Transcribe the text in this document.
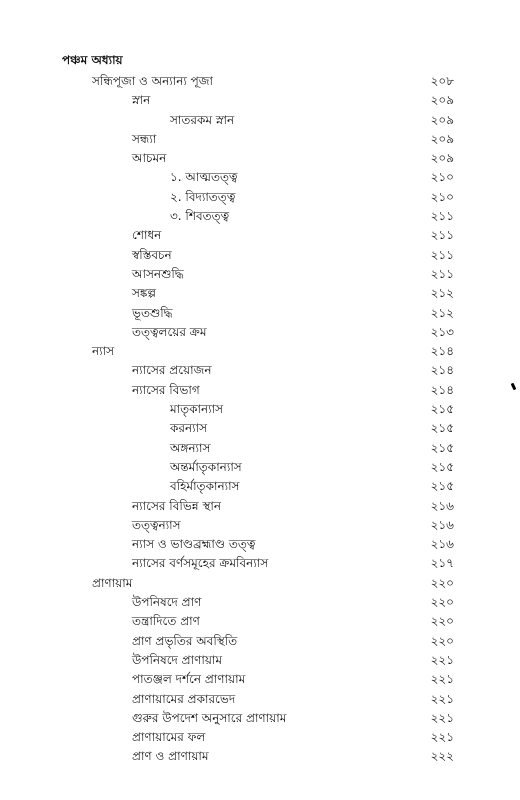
পঞ্চম অধ্যায়
সন্ধিপূজা ও অন্যান্য পূজা	২০৮
স্নান	২০৯
সাতরকম স্নান	২০৯
সন্ধ্যা	২০৯
আচমন	২০৯
১. আত্মতত্ত্ব	২১০
২. বিদ্যাতত্ত্ব	২১০
৩. শিবতত্ত্ব	২১১
শোধন	২১১
স্বস্তিবচন	২১১
আসনশুদ্ধি	২১১
সঙ্কল্প	২১২
ভূতশুদ্ধি	২১২
তত্ত্বলয়ের ক্রম	২১৩
ন্যাস	২১৪
ন্যাসের প্রয়োজন	২১৪
ন্যাসের বিভাগ	২১৪
মাতৃকান্যাস	২১৫
করন্যাস	২১৫
অঙ্গন্যাস	২১৫
অন্তর্মাতৃকান্যাস	২১৫
বহির্মাতৃকান্যাস	২১৫
ন্যাসের বিভিন্ন স্থান	২১৬
তত্ত্বন্যাস	২১৬
ন্যাস ও ভাণ্ডব্রহ্মাণ্ড তত্ত্ব	২১৬
ন্যাসের বর্ণসমূহের ক্রমবিন্যাস	২১৭
প্রাণায়াম	২২০
উপনিষদে প্রাণ	২২০
তন্ত্রাদিতে প্রাণ	২২০
প্রাণ প্রভৃতির অবস্থিতি	২২০
উপনিষদে প্রাণায়াম	২২১
পাতঞ্জল দর্শনে প্রাণায়াম	২২১
প্রাণায়ামের প্রকারভেদ	২২১
গুরুর উপদেশ অনুসারে প্রাণায়াম	২২১
প্রাণায়ামের ফল	২২১
প্রাণ ও প্রাণায়াম	২২২
